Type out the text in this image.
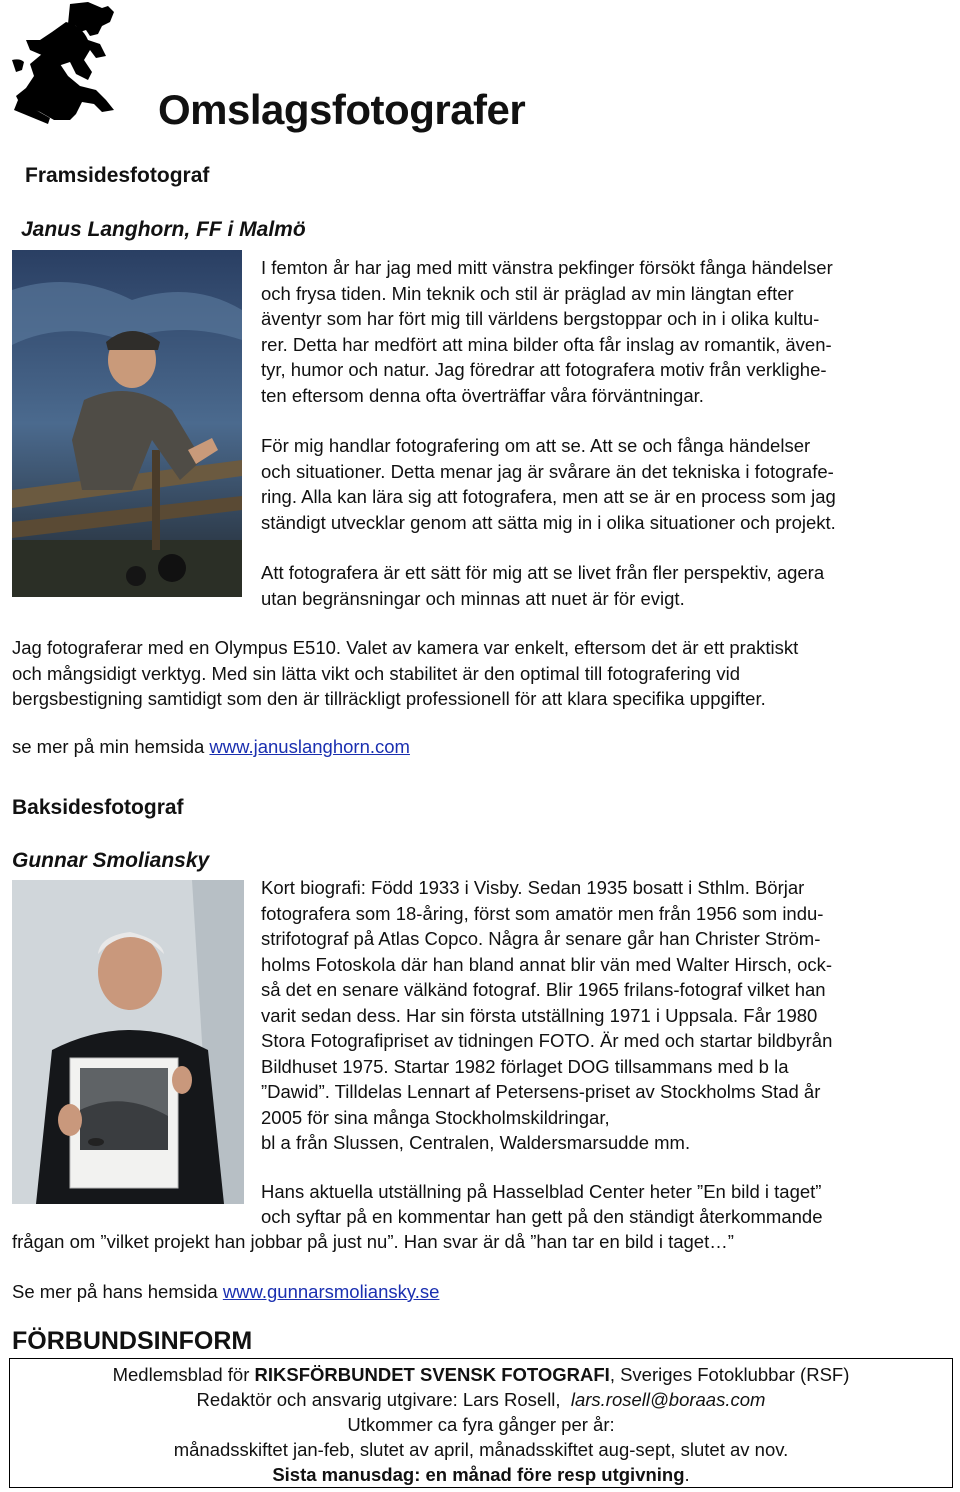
Omslagsfotografer
Framsidesfotograf
Janus Langhorn, FF i Malmö

I femton år har jag med mitt vänstra pekfinger försökt fånga händelser
och frysa tiden. Min teknik och stil är präglad av min längtan efter
äventyr som har fört mig till världens bergstoppar och in i olika kultu-
rer. Detta har medfört att mina bilder ofta får inslag av romantik, även-
tyr, humor och natur. Jag föredrar att fotografera motiv från verklighe-
ten eftersom denna ofta överträffar våra förväntningar.

För mig handlar fotografering om att se. Att se och fånga händelser
och situationer. Detta menar jag är svårare än det tekniska i fotografe-
ring. Alla kan lära sig att fotografera, men att se är en process som jag
ständigt utvecklar genom att sätta mig in i olika situationer och projekt.

Att fotografera är ett sätt för mig att se livet från fler perspektiv, agera
utan begränsningar och minnas att nuet är för evigt.

Jag fotograferar med en Olympus E510. Valet av kamera var enkelt, eftersom det är ett praktiskt
och mångsidigt verktyg. Med sin lätta vikt och stabilitet är den optimal till fotografering vid
bergsbestigning samtidigt som den är tillräckligt professionell för att klara specifika uppgifter.

se mer på min hemsida www.januslanghorn.com

Baksidesfotograf
Gunnar Smoliansky

Kort biografi: Född 1933 i Visby. Sedan 1935 bosatt i Sthlm. Börjar
fotografera som 18-åring, först som amatör men från 1956 som indu-
strifotograf på Atlas Copco. Några år senare går han Christer Ström-
holms Fotoskola där han bland annat blir vän med Walter Hirsch, ock-
så det en senare välkänd fotograf. Blir 1965 frilans-fotograf vilket han
varit sedan dess. Har sin första utställning 1971 i Uppsala. Får 1980
Stora Fotografipriset av tidningen FOTO. Är med och startar bildbyrån
Bildhuset 1975. Startar 1982 förlaget DOG tillsammans med b la
”Dawid”. Tilldelas Lennart af Petersens-priset av Stockholms Stad år
2005 för sina många Stockholmskildringar,
bl a från Slussen, Centralen, Waldersmarsudde mm.

Hans aktuella utställning på Hasselblad Center heter ”En bild i taget”

och syftar på en kommentar han gett på den ständigt återkommande

frågan om ”vilket projekt han jobbar på just nu”. Han svar är då ”han tar en bild i taget…”

Se mer på hans hemsida www.gunnarsmoliansky.se

FÖRBUNDSINFORM
Medlemsblad för RIKSFÖRBUNDET SVENSK FOTOGRAFI, Sveriges Fotoklubbar (RSF)
Redaktör och ansvarig utgivare: Lars Rosell,  lars.rosell@boraas.com
Utkommer ca fyra gånger per år:
månadsskiftet jan-feb, slutet av april, månadsskiftet aug-sept, slutet av nov.
Sista manusdag: en månad före resp utgivning.
